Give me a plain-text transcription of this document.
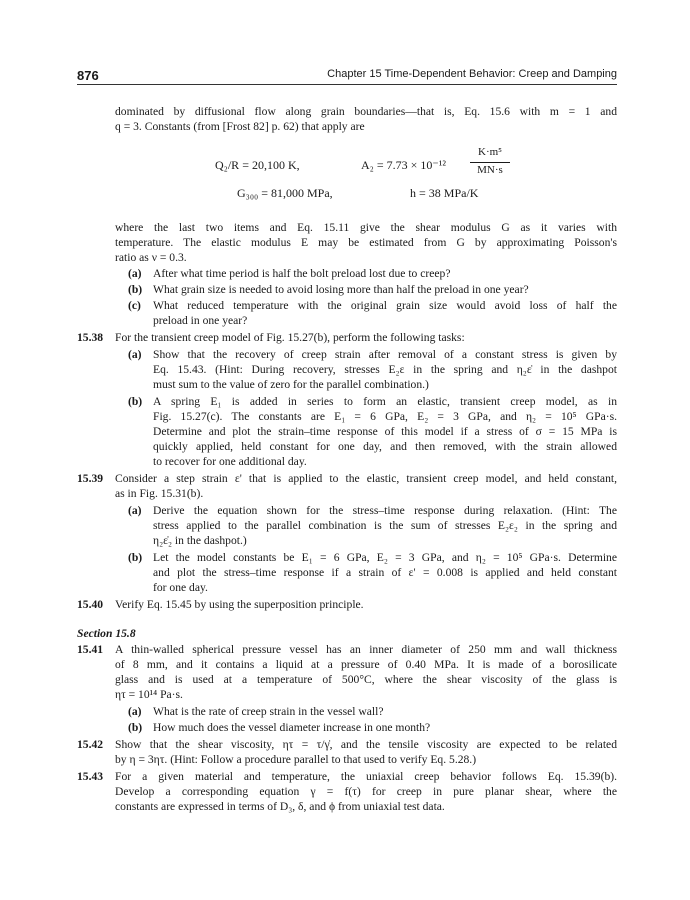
876	Chapter 15 Time-Dependent Behavior: Creep and Damping
dominated by diffusional flow along grain boundaries—that is, Eq. 15.6 with m = 1 and
q = 3. Constants (from [Frost 82] p. 62) that apply are
Q₂/R = 20,100 K,	A₂ = 7.73 × 10⁻¹²
K·m⁵
MN·s
G₃₀₀ = 81,000 MPa,	h = 38 MPa/K
where the last two items and Eq. 15.11 give the shear modulus G as it varies with
temperature. The elastic modulus E may be estimated from G by approximating Poisson's
ratio as ν = 0.3.
(a) After what time period is half the bolt preload lost due to creep?
(b) What grain size is needed to avoid losing more than half the preload in one year?
(c) What reduced temperature with the original grain size would avoid loss of half the
preload in one year?
15.38 For the transient creep model of Fig. 15.27(b), perform the following tasks:
(a) Show that the recovery of creep strain after removal of a constant stress is given by
Eq. 15.43. (Hint: During recovery, stresses E₂ε in the spring and η₂ε̇ in the dashpot
must sum to the value of zero for the parallel combination.)
(b) A spring E₁ is added in series to form an elastic, transient creep model, as in
Fig. 15.27(c). The constants are E₁ = 6 GPa, E₂ = 3 GPa, and η₂ = 10⁵ GPa·s.
Determine and plot the strain–time response of this model if a stress of σ = 15 MPa is
quickly applied, held constant for one day, and then removed, with the strain allowed
to recover for one additional day.
15.39 Consider a step strain ε' that is applied to the elastic, transient creep model, and held constant,
as in Fig. 15.31(b).
(a) Derive the equation shown for the stress–time response during relaxation. (Hint: The
stress applied to the parallel combination is the sum of stresses E₂ε₂ in the spring and
η₂ε̇₂ in the dashpot.)
(b) Let the model constants be E₁ = 6 GPa, E₂ = 3 GPa, and η₂ = 10⁵ GPa·s. Determine
and plot the stress–time response if a strain of ε' = 0.008 is applied and held constant
for one day.
15.40 Verify Eq. 15.45 by using the superposition principle.
Section 15.8
15.41 A thin-walled spherical pressure vessel has an inner diameter of 250 mm and wall thickness
of 8 mm, and it contains a liquid at a pressure of 0.40 MPa. It is made of a borosilicate
glass and is used at a temperature of 500°C, where the shear viscosity of the glass is
ητ = 10¹⁴ Pa·s.
(a) What is the rate of creep strain in the vessel wall?
(b) How much does the vessel diameter increase in one month?
15.42 Show that the shear viscosity, ητ = τ/γ̇, and the tensile viscosity are expected to be related
by η = 3ητ. (Hint: Follow a procedure parallel to that used to verify Eq. 5.28.)
15.43 For a given material and temperature, the uniaxial creep behavior follows Eq. 15.39(b).
Develop a corresponding equation γ = f(τ) for creep in pure planar shear, where the
constants are expressed in terms of D₃, δ, and ϕ from uniaxial test data.
